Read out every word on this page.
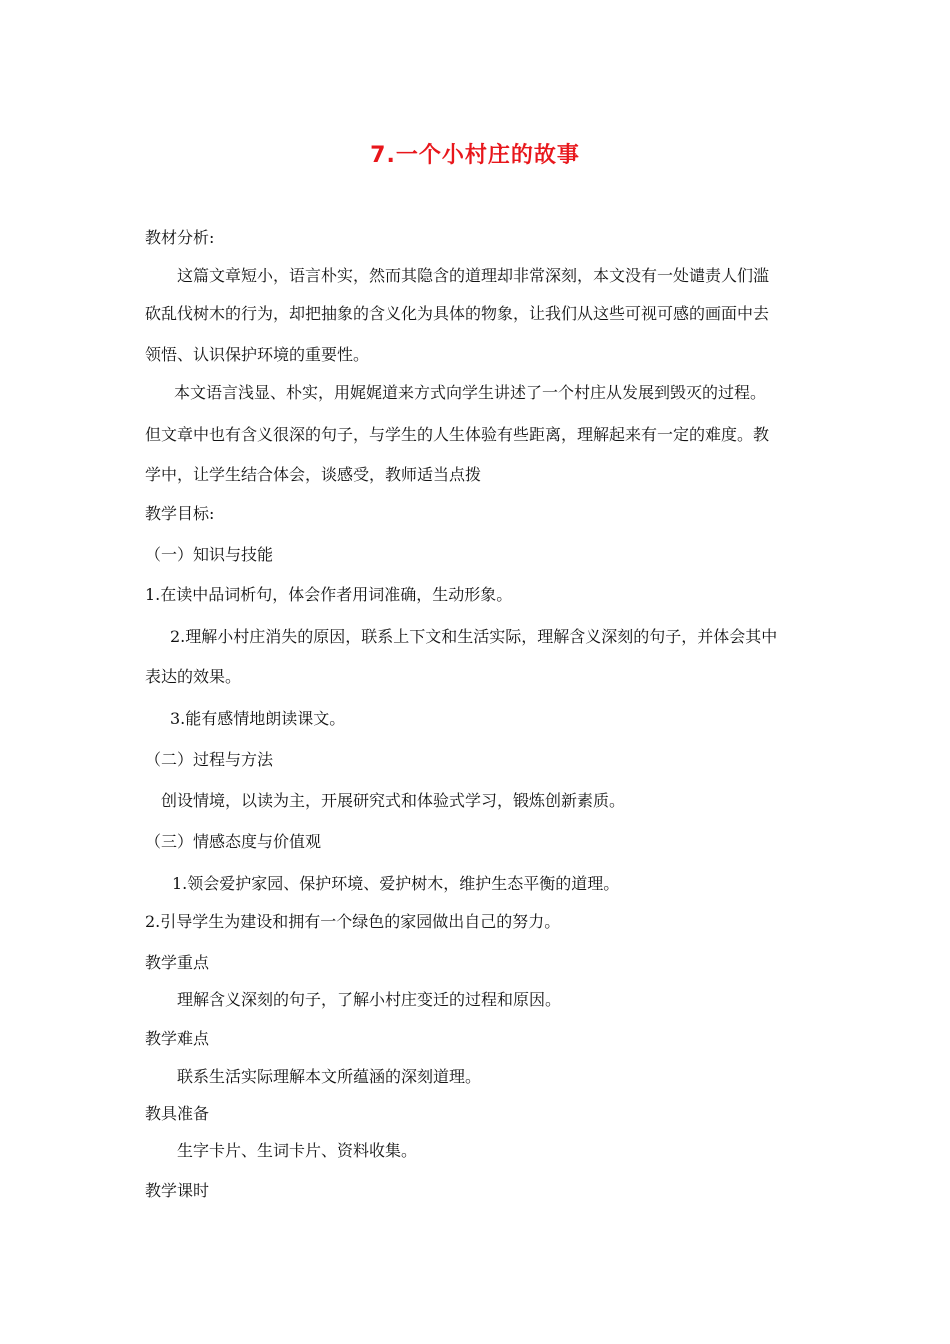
7.一个小村庄的故事
教材分析:
这篇文章短小，语言朴实，然而其隐含的道理却非常深刻，本文没有一处谴责人们滥
砍乱伐树木的行为，却把抽象的含义化为具体的物象，让我们从这些可视可感的画面中去
领悟、认识保护环境的重要性。
本文语言浅显、朴实，用娓娓道来方式向学生讲述了一个村庄从发展到毁灭的过程。
但文章中也有含义很深的句子，与学生的人生体验有些距离，理解起来有一定的难度。教
学中，让学生结合体会，谈感受，教师适当点拨
教学目标:
（一）知识与技能
1.在读中品词析句，体会作者用词准确，生动形象。
2.理解小村庄消失的原因，联系上下文和生活实际，理解含义深刻的句子，并体会其中
表达的效果。
3.能有感情地朗读课文。
（二）过程与方法
创设情境，以读为主，开展研究式和体验式学习，锻炼创新素质。
（三）情感态度与价值观
1.领会爱护家园、保护环境、爱护树木，维护生态平衡的道理。
2.引导学生为建设和拥有一个绿色的家园做出自己的努力。
教学重点
理解含义深刻的句子，了解小村庄变迁的过程和原因。
教学难点
联系生活实际理解本文所蕴涵的深刻道理。
教具准备
生字卡片、生词卡片、资料收集。
教学课时
